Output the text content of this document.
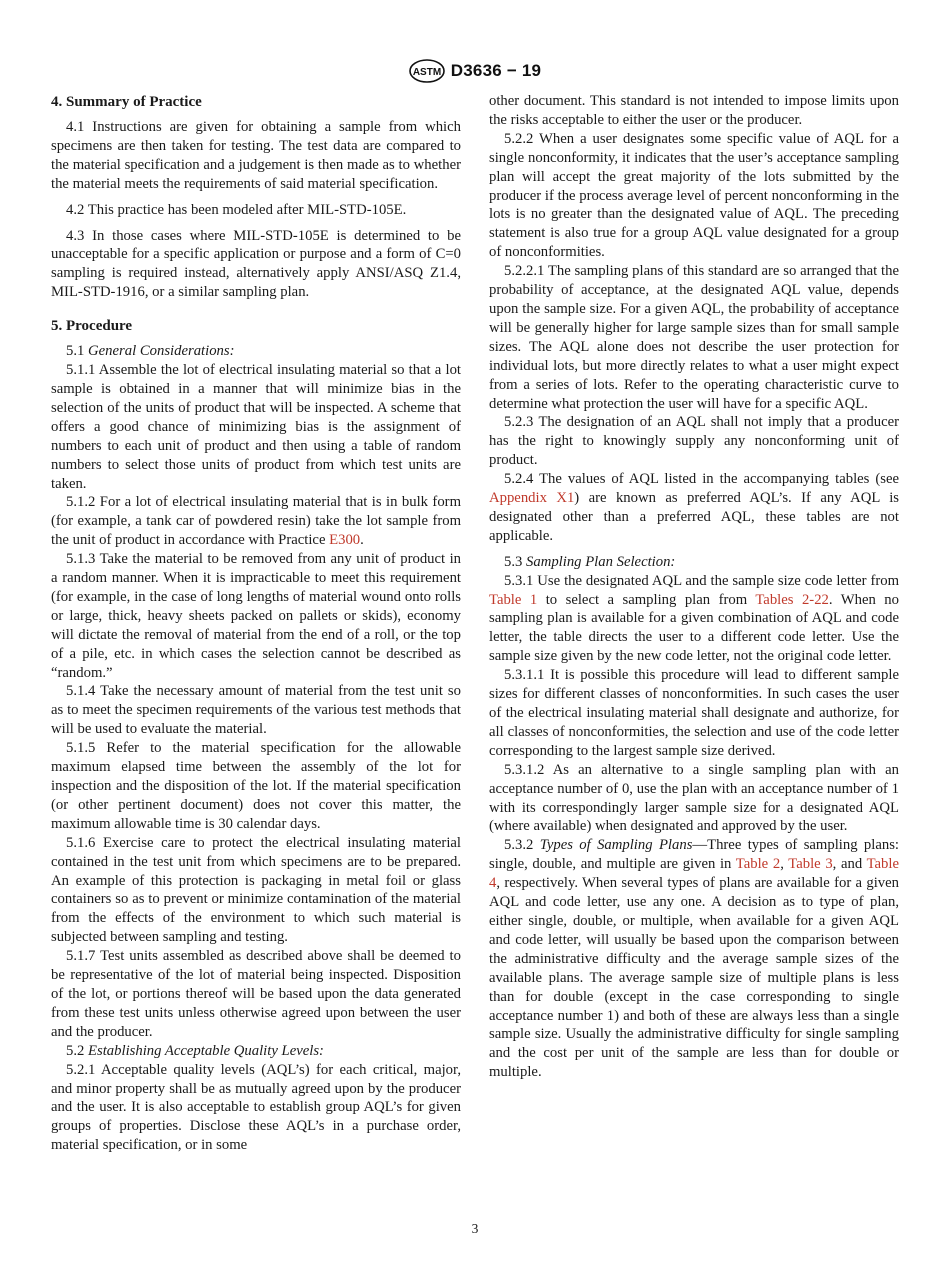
ASTM D3636 − 19
4. Summary of Practice

4.1 Instructions are given for obtaining a sample from which specimens are then taken for testing. The test data are compared to the material specification and a judgement is then made as to whether the material meets the requirements of said material specification.

4.2 This practice has been modeled after MIL-STD-105E.

4.3 In those cases where MIL-STD-105E is determined to be unacceptable for a specific application or purpose and a form of C=0 sampling is required instead, alternatively apply ANSI/ASQ Z1.4, MIL-STD-1916, or a similar sampling plan.

5. Procedure

5.1 General Considerations:

5.1.1 Assemble the lot of electrical insulating material so that a lot sample is obtained in a manner that will minimize bias in the selection of the units of product that will be inspected. A scheme that offers a good chance of minimizing bias is the assignment of numbers to each unit of product and then using a table of random numbers to select those units of product from which test units are taken.

5.1.2 For a lot of electrical insulating material that is in bulk form (for example, a tank car of powdered resin) take the lot sample from the unit of product in accordance with Practice E300.

5.1.3 Take the material to be removed from any unit of product in a random manner. When it is impracticable to meet this requirement (for example, in the case of long lengths of material wound onto rolls or large, thick, heavy sheets packed on pallets or skids), economy will dictate the removal of material from the end of a roll, or the top of a pile, etc. in which cases the selection cannot be described as “random.”

5.1.4 Take the necessary amount of material from the test unit so as to meet the specimen requirements of the various test methods that will be used to evaluate the material.

5.1.5 Refer to the material specification for the allowable maximum elapsed time between the assembly of the lot for inspection and the disposition of the lot. If the material specification (or other pertinent document) does not cover this matter, the maximum allowable time is 30 calendar days.

5.1.6 Exercise care to protect the electrical insulating material contained in the test unit from which specimens are to be prepared. An example of this protection is packaging in metal foil or glass containers so as to prevent or minimize contamination of the material from the effects of the environment to which such material is subjected between sampling and testing.

5.1.7 Test units assembled as described above shall be deemed to be representative of the lot of material being inspected. Disposition of the lot, or portions thereof will be based upon the data generated from these test units unless otherwise agreed upon between the user and the producer.

5.2 Establishing Acceptable Quality Levels:

5.2.1 Acceptable quality levels (AQL’s) for each critical, major, and minor property shall be as mutually agreed upon by the producer and the user. It is also acceptable to establish group AQL’s for given groups of properties. Disclose these AQL’s in a purchase order, material specification, or in some

other document. This standard is not intended to impose limits upon the risks acceptable to either the user or the producer.

5.2.2 When a user designates some specific value of AQL for a single nonconformity, it indicates that the user’s acceptance sampling plan will accept the great majority of the lots submitted by the producer if the process average level of percent nonconforming in the lots is no greater than the designated value of AQL. The preceding statement is also true for a group AQL value designated for a group of nonconformities.

5.2.2.1 The sampling plans of this standard are so arranged that the probability of acceptance, at the designated AQL value, depends upon the sample size. For a given AQL, the probability of acceptance will be generally higher for large sample sizes than for small sample sizes. The AQL alone does not describe the user protection for individual lots, but more directly relates to what a user might expect from a series of lots. Refer to the operating characteristic curve to determine what protection the user will have for a specific AQL.

5.2.3 The designation of an AQL shall not imply that a producer has the right to knowingly supply any nonconforming unit of product.

5.2.4 The values of AQL listed in the accompanying tables (see Appendix X1) are known as preferred AQL’s. If any AQL is designated other than a preferred AQL, these tables are not applicable.

5.3 Sampling Plan Selection:

5.3.1 Use the designated AQL and the sample size code letter from Table 1 to select a sampling plan from Tables 2-22. When no sampling plan is available for a given combination of AQL and code letter, the table directs the user to a different code letter. Use the sample size given by the new code letter, not the original code letter.

5.3.1.1 It is possible this procedure will lead to different sample sizes for different classes of nonconformities. In such cases the user of the electrical insulating material shall designate and authorize, for all classes of nonconformities, the selection and use of the code letter corresponding to the largest sample size derived.

5.3.1.2 As an alternative to a single sampling plan with an acceptance number of 0, use the plan with an acceptance number of 1 with its correspondingly larger sample size for a designated AQL (where available) when designated and approved by the user.

5.3.2 Types of Sampling Plans—Three types of sampling plans: single, double, and multiple are given in Table 2, Table 3, and Table 4, respectively. When several types of plans are available for a given AQL and code letter, use any one. A decision as to type of plan, either single, double, or multiple, when available for a given AQL and code letter, will usually be based upon the comparison between the administrative difficulty and the average sample sizes of the available plans. The average sample size of multiple plans is less than for double (except in the case corresponding to single acceptance number 1) and both of these are always less than a single sample size. Usually the administrative difficulty for single sampling and the cost per unit of the sample are less than for double or multiple.

3
